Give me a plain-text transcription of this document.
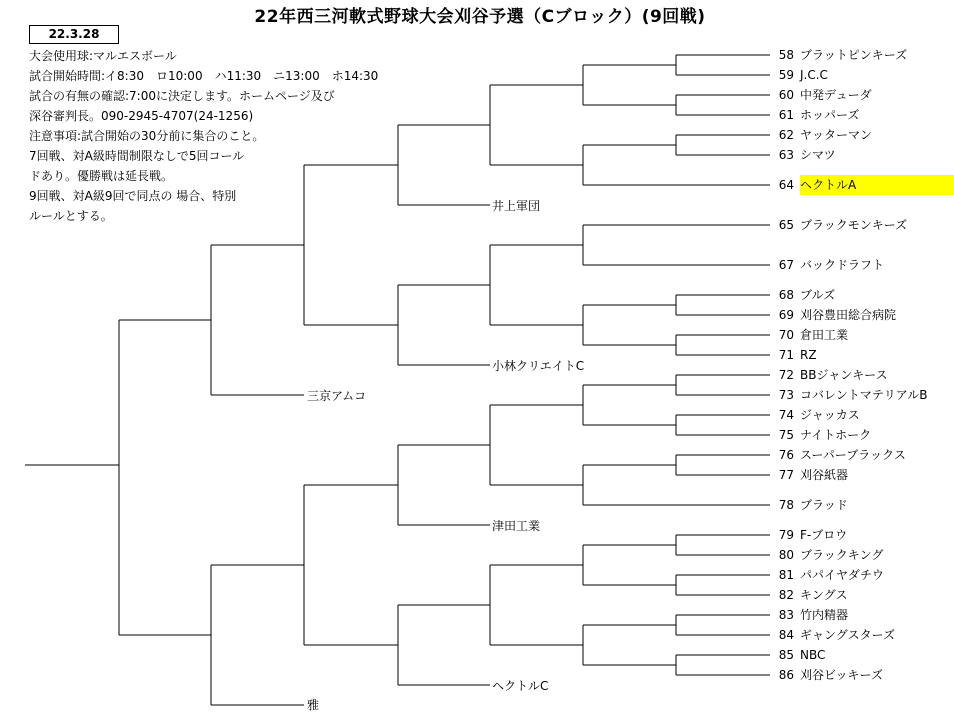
22年西三河軟式野球大会刈谷予選（Cブロック）(9回戦)
22.3.28
大会使用球:マルエスボール
試合開始時間:イ8:30　ロ10:00　ハ11:30　ニ13:00　ホ14:30
試合の有無の確認:7:00に決定します。ホームページ及び
深谷審判長。090-2945-4707(24-1256)
注意事項:試合開始の30分前に集合のこと。
7回戦、対A級時間制限なしで5回コール
ドあり。優勝戦は延長戦。
9回戦、対A級9回で同点の 場合、特別
ルールとする。
58 ブラットピンキーズ
59 J.C.C
60 中発デューダ
61 ホッパーズ
62 ヤッターマン
63 シマツ
64 ヘクトルA
65 ブラックモンキーズ
67 バックドラフト
68 ブルズ
69 刈谷豊田総合病院
70 倉田工業
71 RZ
72 BBジャンキース
73 コバレントマテリアルB
74 ジャッカス
75 ナイトホーク
76 スーパーブラックス
77 刈谷紙器
78 ブラッド
79 F-ブロウ
80 ブラックキング
81 パパイヤダチウ
82 キングス
83 竹内精器
84 ギャングスターズ
85 NBC
86 刈谷ビッキーズ
井上軍団
小林クリエイトC
三京アムコ
津田工業
ヘクトルC
雅
